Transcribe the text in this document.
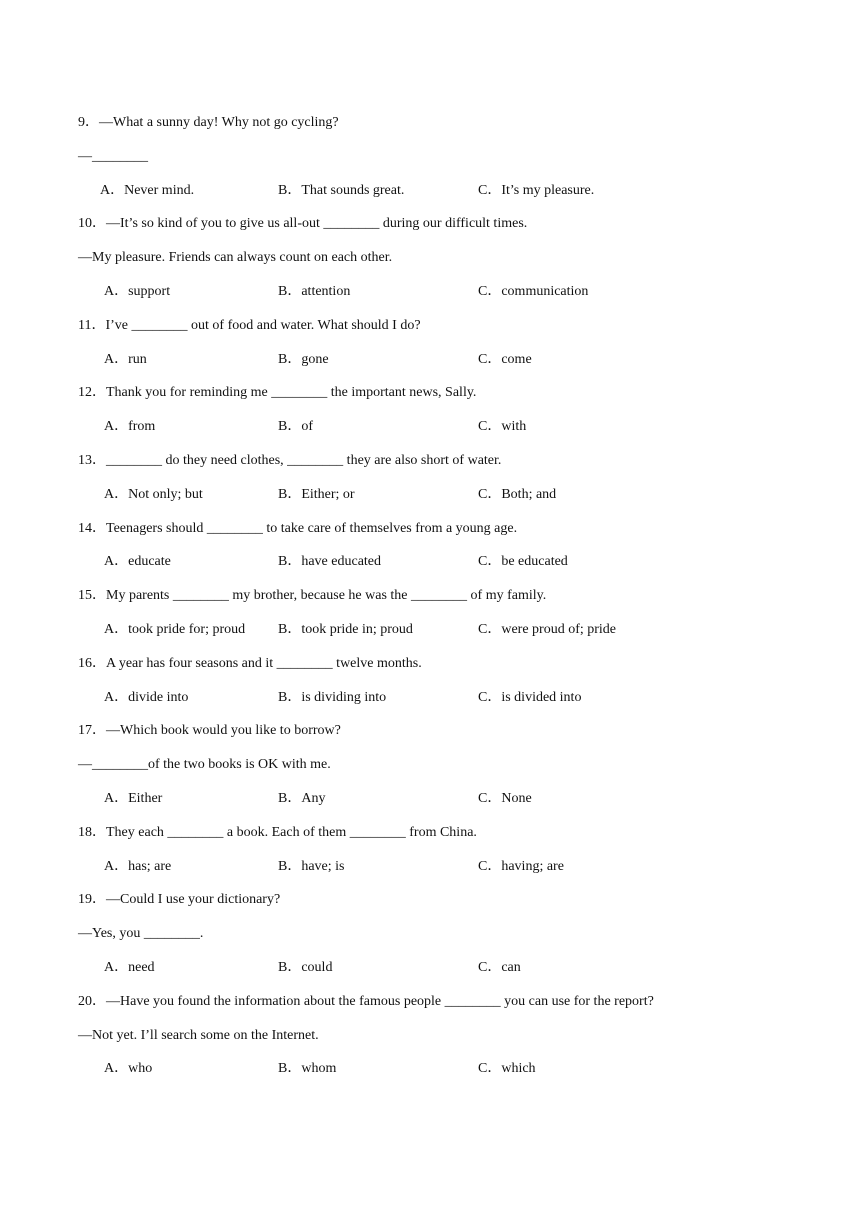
9．—What a sunny day! Why not go cycling?
—________
A．Never mind.	B．That sounds great.	C．It’s my pleasure.
10．—It’s so kind of you to give us all-out ________ during our difficult times.
—My pleasure. Friends can always count on each other.
A．support	B．attention	C．communication
11．I’ve ________ out of food and water. What should I do?
A．run	B．gone	C．come
12．Thank you for reminding me ________ the important news, Sally.
A．from	B．of	C．with
13．________ do they need clothes, ________ they are also short of water.
A．Not only; but	B．Either; or	C．Both; and
14．Teenagers should ________ to take care of themselves from a young age.
A．educate	B．have educated	C．be educated
15．My parents ________ my brother, because he was the ________ of my family.
A．took pride for; proud B．took pride in; proud	C．were proud of; pride
16．A year has four seasons and it ________ twelve months.
A．divide into	B．is dividing into	C．is divided into
17．—Which book would you like to borrow?
—________of the two books is OK with me.
A．Either	B．Any	C．None
18．They each ________ a book. Each of them ________ from China.
A．has; are	B．have; is	C．having; are
19．—Could I use your dictionary?
—Yes, you ________.
A．need	B．could	C．can
20．—Have you found the information about the famous people ________ you can use for the report?
—Not yet. I’ll search some on the Internet.
A．who	B．whom	C．which
